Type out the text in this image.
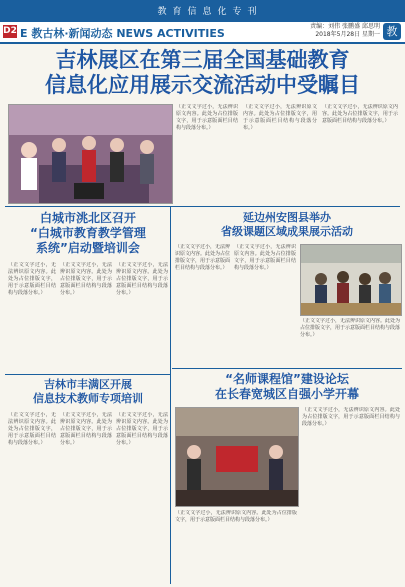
教育信息化专刊
D2 E 教古林·新闻动态 NEWS ACTIVITIES
责编：刘伟 张鹏盛 邱思明
2018年5月28日 星期一 教
吉林展区在第三届全国基础教育
信息化应用展示交流活动中受瞩目
（正文文字过小，无法辨识原文内容。此处为占位排版文字，用于示意版面栏目结构与段落分布。）
（正文文字过小，无法辨识原文内容。此处为占位排版文字，用于示意版面栏目结构与段落分布。）
（正文文字过小，无法辨识原文内容。此处为占位排版文字，用于示意版面栏目结构与段落分布。）
白城市洮北区召开
“白城市教育教学管理
系统”启动暨培训会
（正文文字过小，无法辨识原文内容。此处为占位排版文字，用于示意版面栏目结构与段落分布。）
（正文文字过小，无法辨识原文内容。此处为占位排版文字，用于示意版面栏目结构与段落分布。）
（正文文字过小，无法辨识原文内容。此处为占位排版文字，用于示意版面栏目结构与段落分布。）
吉林市丰满区开展
信息技术教师专项培训
（正文文字过小，无法辨识原文内容。此处为占位排版文字，用于示意版面栏目结构与段落分布。）
（正文文字过小，无法辨识原文内容。此处为占位排版文字，用于示意版面栏目结构与段落分布。）
（正文文字过小，无法辨识原文内容。此处为占位排版文字，用于示意版面栏目结构与段落分布。）
延边州安图县举办
省级课题区域成果展示活动
（正文文字过小，无法辨识原文内容。此处为占位排版文字，用于示意版面栏目结构与段落分布。）
（正文文字过小，无法辨识原文内容。此处为占位排版文字，用于示意版面栏目结构与段落分布。）
（正文文字过小，无法辨识原文内容。此处为占位排版文字，用于示意版面栏目结构与段落分布。）
“名师课程馆”建设论坛
在长春宽城区自强小学开幕
（正文文字过小，无法辨识原文内容。此处为占位排版文字，用于示意版面栏目结构与段落分布。）
（正文文字过小，无法辨识原文内容。此处为占位排版文字，用于示意版面栏目结构与段落分布。）
